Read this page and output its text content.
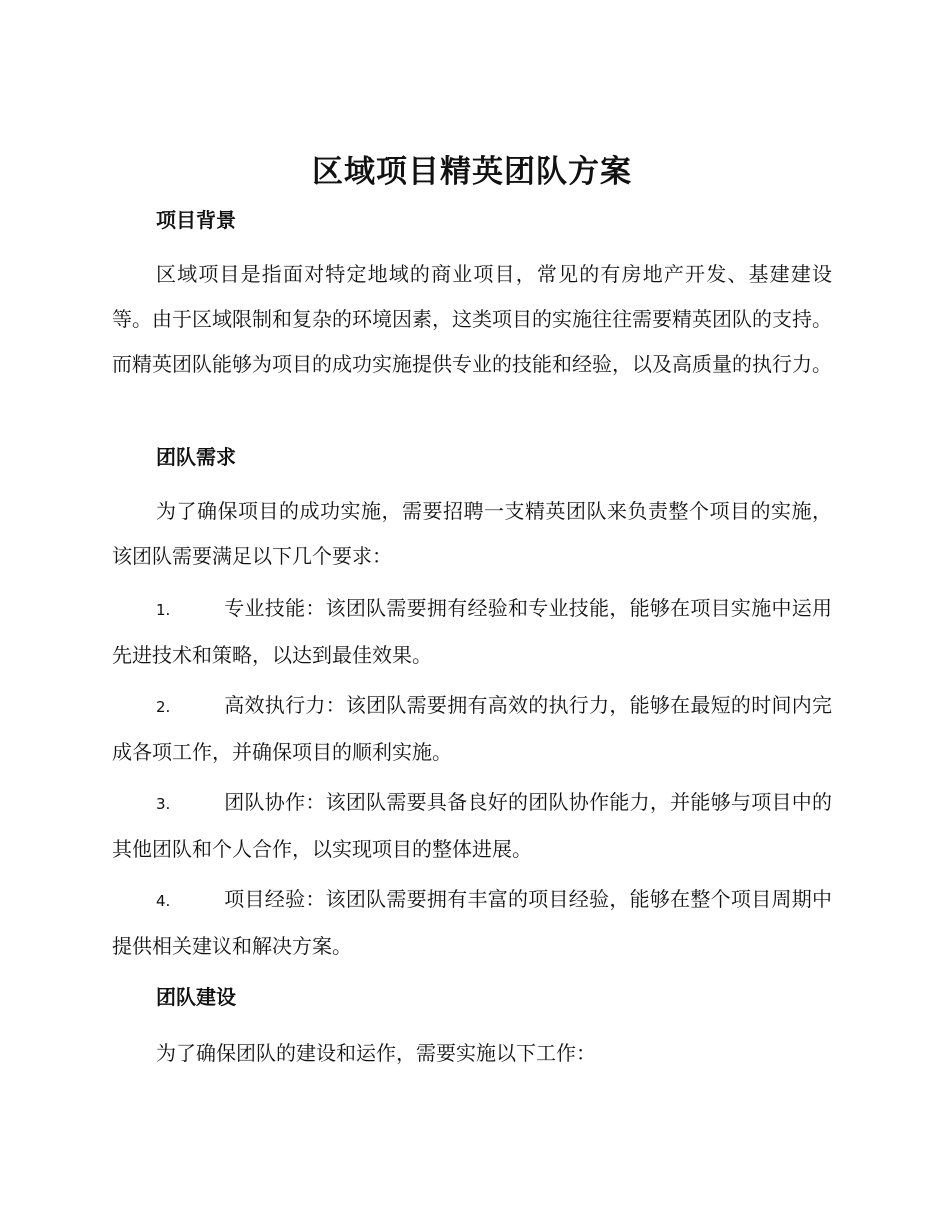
区域项目精英团队方案
项目背景

区域项目是指面对特定地域的商业项目，常见的有房地产开发、基建建设等。由于区域限制和复杂的环境因素，这类项目的实施往往需要精英团队的支持。而精英团队能够为项目的成功实施提供专业的技能和经验，以及高质量的执行力。

团队需求

为了确保项目的成功实施，需要招聘一支精英团队来负责整个项目的实施，该团队需要满足以下几个要求：

1.	专业技能：该团队需要拥有经验和专业技能，能够在项目实施中运用先进技术和策略，以达到最佳效果。

2.	高效执行力：该团队需要拥有高效的执行力，能够在最短的时间内完成各项工作，并确保项目的顺利实施。

3.	团队协作：该团队需要具备良好的团队协作能力，并能够与项目中的其他团队和个人合作，以实现项目的整体进展。

4.	项目经验：该团队需要拥有丰富的项目经验，能够在整个项目周期中提供相关建议和解决方案。

团队建设

为了确保团队的建设和运作，需要实施以下工作：
